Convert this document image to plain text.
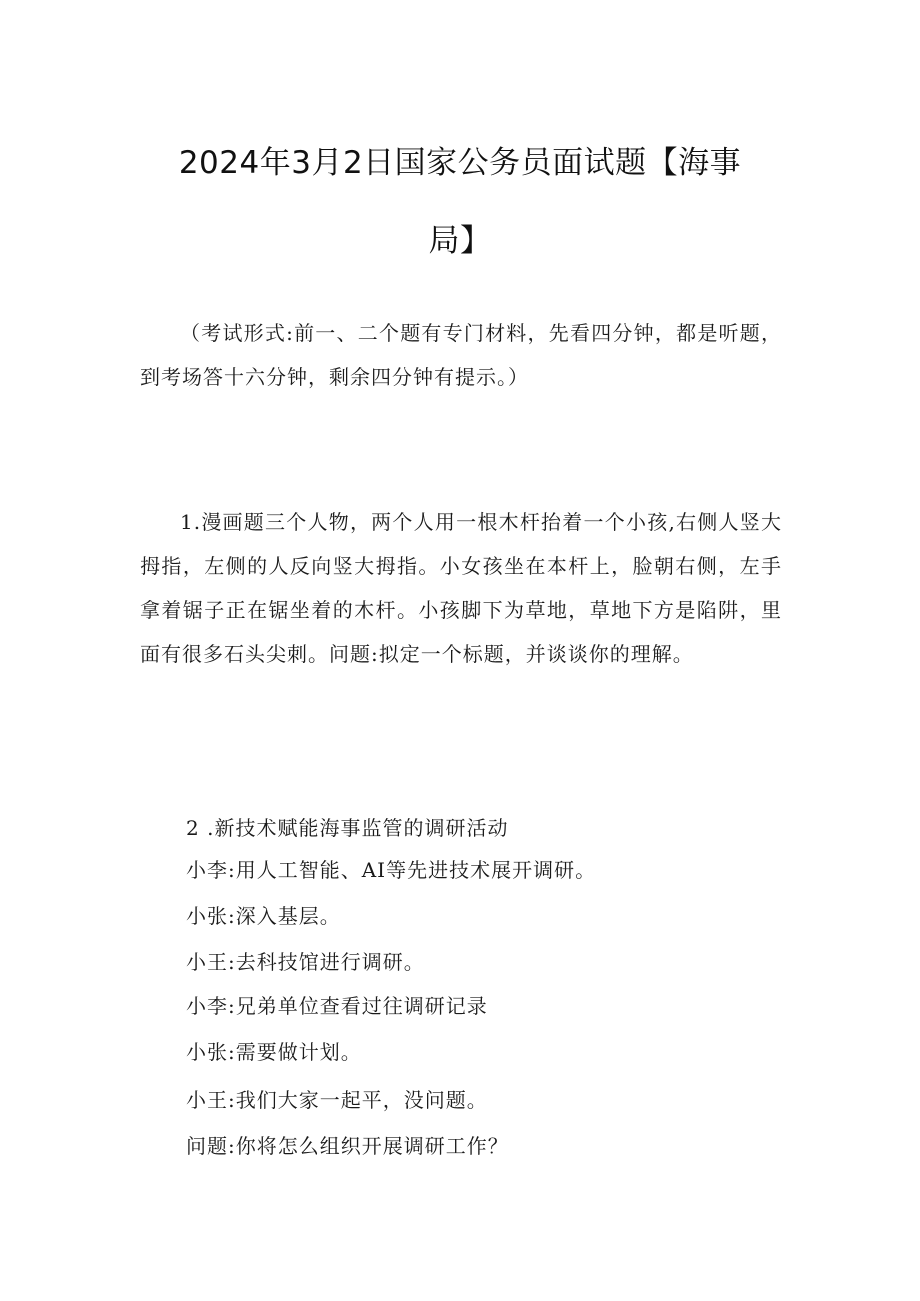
2024年3月2日国家公务员面试题【海事
局】

（考试形式:前一、二个题有专门材料，先看四分钟，都是听题，到考场答十六分钟，剩余四分钟有提示。）

1.漫画题三个人物，两个人用一根木杆抬着一个小孩,右侧人竖大拇指，左侧的人反向竖大拇指。小女孩坐在本杆上，脸朝右侧，左手拿着锯子正在锯坐着的木杆。小孩脚下为草地，草地下方是陷阱，里面有很多石头尖刺。问题:拟定一个标题，并谈谈你的理解。

2 .新技术赋能海事监管的调研活动
小李:用人工智能、AI等先进技术展开调研。
小张:深入基层。
小王:去科技馆进行调研。
小李:兄弟单位查看过往调研记录
小张:需要做计划。
小王:我们大家一起平，没问题。
问题:你将怎么组织开展调研工作？
